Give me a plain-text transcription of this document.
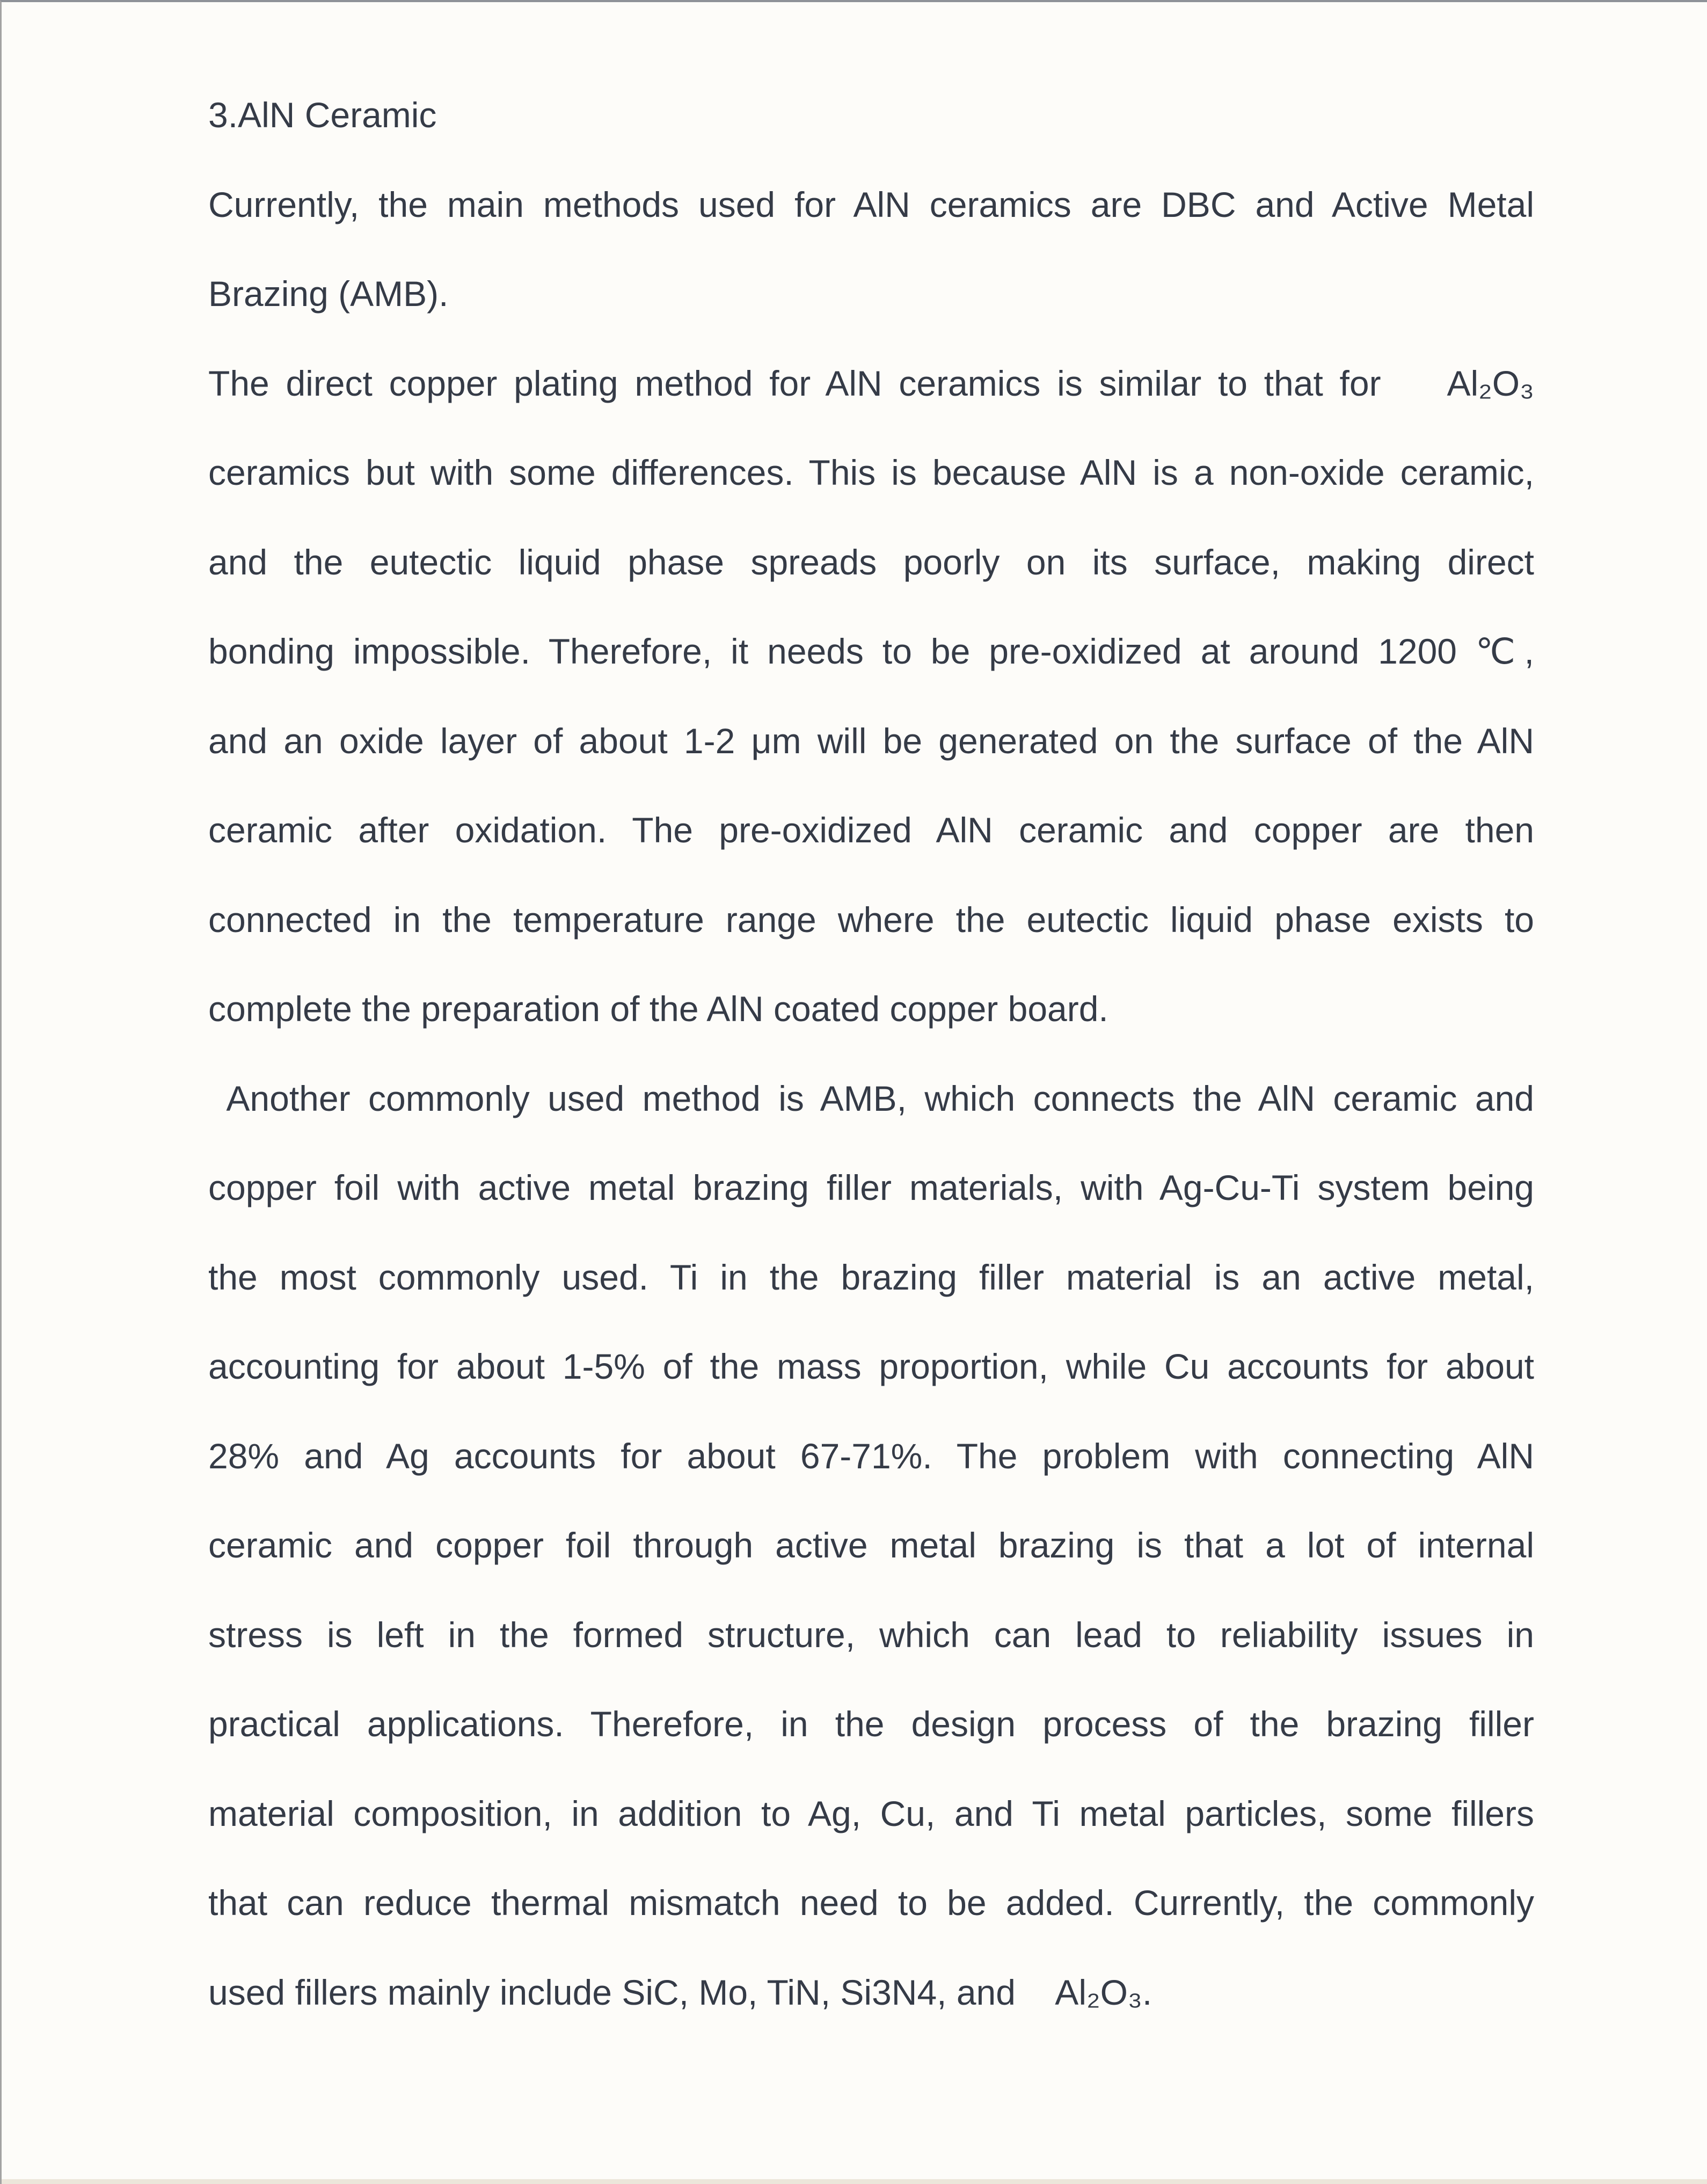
3.AlN Ceramic
Currently, the main methods used for AlN ceramics are DBC and Active Metal
Brazing (AMB).
The direct copper plating method for AlN ceramics is similar to that for    Al₂O₃
ceramics but with some differences. This is because AlN is a non-oxide ceramic,
and the eutectic liquid phase spreads poorly on its surface, making direct
bonding impossible. Therefore, it needs to be pre-oxidized at around 1200 ℃,
and an oxide layer of about 1-2 μm will be generated on the surface of the AlN
ceramic after oxidation. The pre-oxidized AlN ceramic and copper are then
connected in the temperature range where the eutectic liquid phase exists to
complete the preparation of the AlN coated copper board.
Another commonly used method is AMB, which connects the AlN ceramic and
copper foil with active metal brazing filler materials, with Ag-Cu-Ti system being
the most commonly used. Ti in the brazing filler material is an active metal,
accounting for about 1-5% of the mass proportion, while Cu accounts for about
28% and Ag accounts for about 67-71%. The problem with connecting AlN
ceramic and copper foil through active metal brazing is that a lot of internal
stress is left in the formed structure, which can lead to reliability issues in
practical applications. Therefore, in the design process of the brazing filler
material composition, in addition to Ag, Cu, and Ti metal particles, some fillers
that can reduce thermal mismatch need to be added. Currently, the commonly
used fillers mainly include SiC, Mo, TiN, Si3N4, and    Al₂O₃.
